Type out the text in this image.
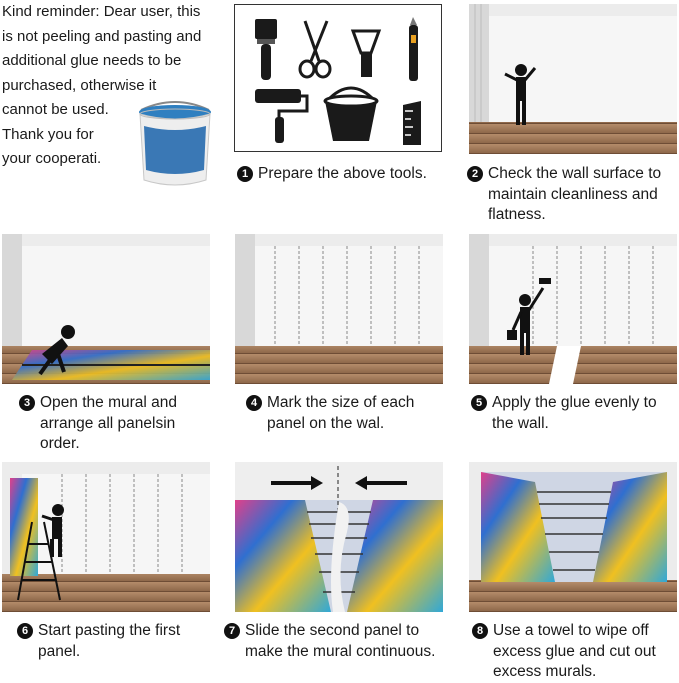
Kind reminder: Dear user, this
is not peeling and pasting and
additional glue needs to be
purchased, otherwise it
cannot be used.
Thank you for
your cooperati.
1 Prepare the above tools.	2 Check the wall surface to
maintain cleanliness and
flatness.
3 Open the mural and
arrange all panelsin
order.
4 Mark the size of each
panel on the wal.
5 Apply the glue evenly to
the wall.
6 Start pasting the first
panel.
7 Slide the second panel to
make the mural continuous.
8 Use a towel to wipe off
excess glue and cut out
excess murals.
